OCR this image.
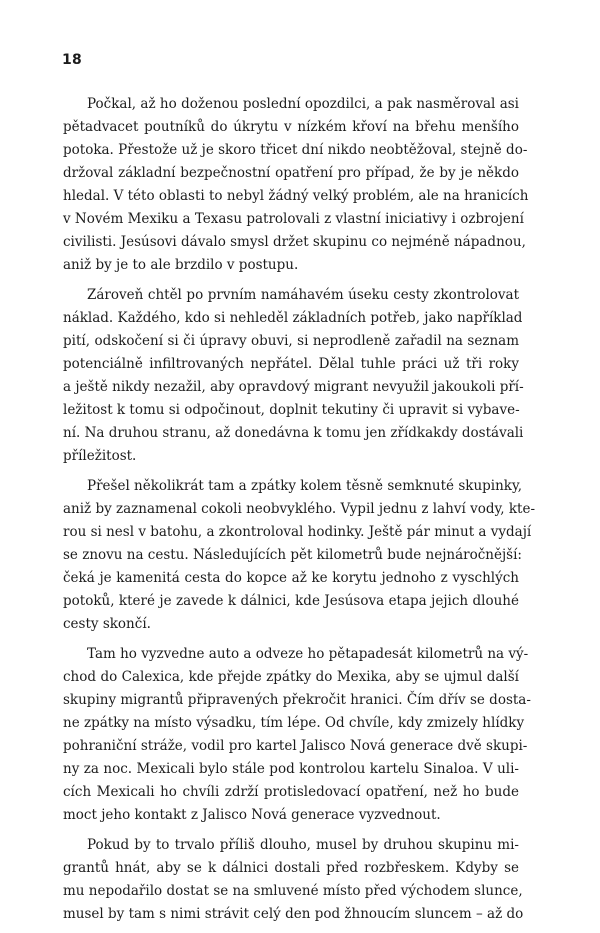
18
Počkal, až ho doženou poslední opozdilci, a pak nasměroval asi
pětadvacet poutníků do úkrytu v nízkém křoví na břehu menšího
potoka. Přestože už je skoro třicet dní nikdo neobtěžoval, stejně do-
držoval základní bezpečnostní opatření pro případ, že by je někdo
hledal. V této oblasti to nebyl žádný velký problém, ale na hranicích
v Novém Mexiku a Texasu patrolovali z vlastní iniciativy i ozbrojení
civilisti. Jesúsovi dávalo smysl držet skupinu co nejméně nápadnou,
aniž by je to ale brzdilo v postupu.
Zároveň chtěl po prvním namáhavém úseku cesty zkontrolovat
náklad. Každého, kdo si nehleděl základních potřeb, jako například
pití, odskočení si či úpravy obuvi, si neprodleně zařadil na seznam
potenciálně infiltrovaných nepřátel. Dělal tuhle práci už tři roky
a ještě nikdy nezažil, aby opravdový migrant nevyužil jakoukoli pří-
ležitost k tomu si odpočinout, doplnit tekutiny či upravit si vybave-
ní. Na druhou stranu, až donedávna k tomu jen zřídkakdy dostávali
příležitost.
Přešel několikrát tam a zpátky kolem těsně semknuté skupinky,
aniž by zaznamenal cokoli neobvyklého. Vypil jednu z lahví vody, kte-
rou si nesl v batohu, a zkontroloval hodinky. Ještě pár minut a vydají
se znovu na cestu. Následujících pět kilometrů bude nejnáročnější:
čeká je kamenitá cesta do kopce až ke korytu jednoho z vyschlých
potoků, které je zavede k dálnici, kde Jesúsova etapa jejich dlouhé
cesty skončí.
Tam ho vyzvedne auto a odveze ho pětapadesát kilometrů na vý-
chod do Calexica, kde přejde zpátky do Mexika, aby se ujmul další
skupiny migrantů připravených překročit hranici. Čím dřív se dosta-
ne zpátky na místo výsadku, tím lépe. Od chvíle, kdy zmizely hlídky
pohraniční stráže, vodil pro kartel Jalisco Nová generace dvě skupi-
ny za noc. Mexicali bylo stále pod kontrolou kartelu Sinaloa. V uli-
cích Mexicali ho chvíli zdrží protisledovací opatření, než ho bude
moct jeho kontakt z Jalisco Nová generace vyzvednout.
Pokud by to trvalo příliš dlouho, musel by druhou skupinu mi-
grantů hnát, aby se k dálnici dostali před rozbřeskem. Kdyby se
mu nepodařilo dostat se na smluvené místo před východem slunce,
musel by tam s nimi strávit celý den pod žhnoucím sluncem – až do
